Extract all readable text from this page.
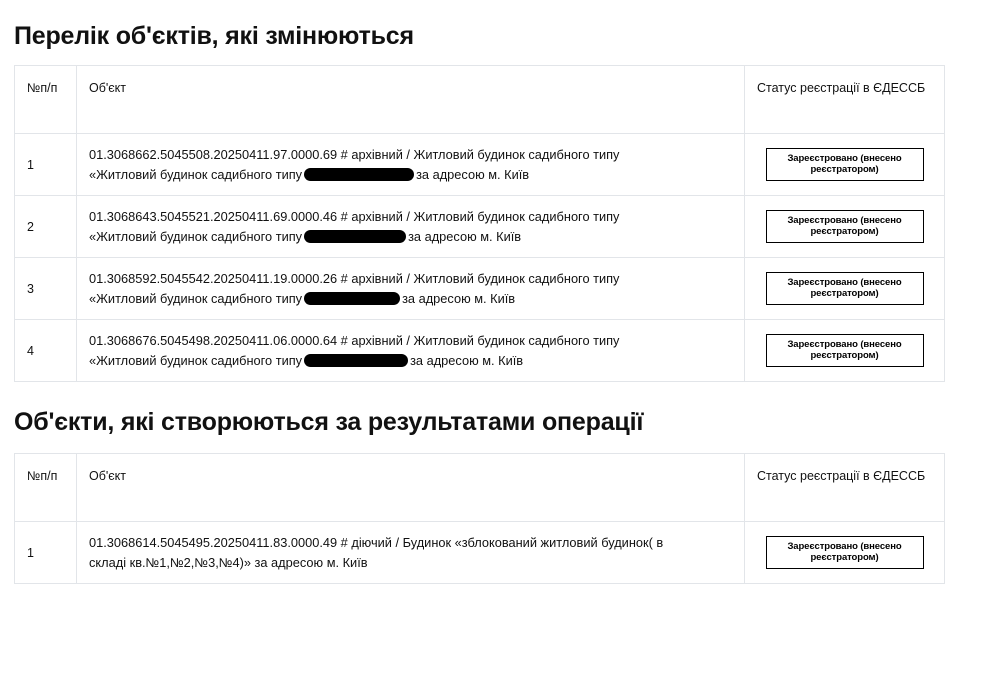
Перелік об'єктів, які змінюються
№п/п	Об'єкт	Статус реєстрації в ЄДЕССБ
1	01.3068662.5045508.20250411.97.0000.69 # архівний / Житловий будинок садибного типу
«Житловий будинок садибного типу за адресою м. Київ	Зареєстровано (внесено реєстратором)
2	01.3068643.5045521.20250411.69.0000.46 # архівний / Житловий будинок садибного типу
«Житловий будинок садибного типу за адресою м. Київ	Зареєстровано (внесено реєстратором)
3	01.3068592.5045542.20250411.19.0000.26 # архівний / Житловий будинок садибного типу
«Житловий будинок садибного типу за адресою м. Київ	Зареєстровано (внесено реєстратором)
4	01.3068676.5045498.20250411.06.0000.64 # архівний / Житловий будинок садибного типу
«Житловий будинок садибного типу за адресою м. Київ	Зареєстровано (внесено реєстратором)
Об'єкти, які створюються за результатами операції
№п/п	Об'єкт	Статус реєстрації в ЄДЕССБ
1	01.3068614.5045495.20250411.83.0000.49 # діючий / Будинок «зблокований житловий будинок( в
складі кв.№1,№2,№3,№4)» за адресою м. Київ	Зареєстровано (внесено реєстратором)
